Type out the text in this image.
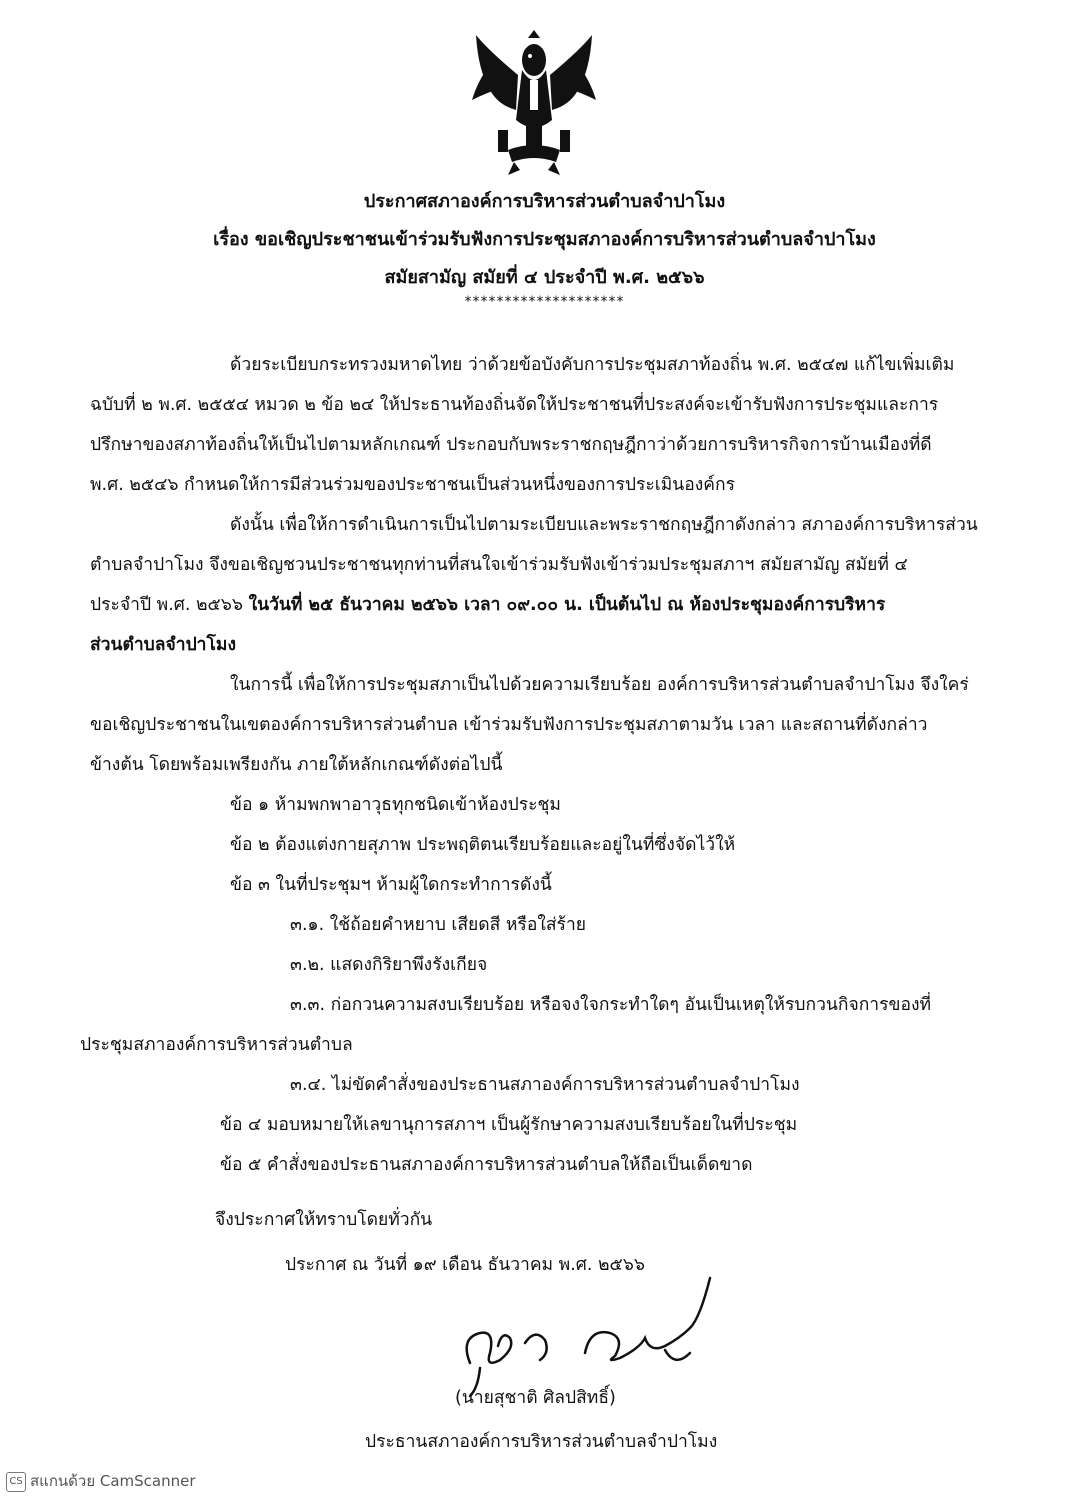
ประกาศสภาองค์การบริหารส่วนตำบลจำปาโมง
เรื่อง ขอเชิญประชาชนเข้าร่วมรับฟังการประชุมสภาองค์การบริหารส่วนตำบลจำปาโมง
สมัยสามัญ สมัยที่ ๔ ประจำปี พ.ศ. ๒๕๖๖
********************
ด้วยระเบียบกระทรวงมหาดไทย ว่าด้วยข้อบังคับการประชุมสภาท้องถิ่น พ.ศ. ๒๕๔๗ แก้ไขเพิ่มเติม
ฉบับที่ ๒ พ.ศ. ๒๕๕๔ หมวด ๒ ข้อ ๒๔ ให้ประธานท้องถิ่นจัดให้ประชาชนที่ประสงค์จะเข้ารับฟังการประชุมและการ
ปรึกษาของสภาท้องถิ่นให้เป็นไปตามหลักเกณฑ์ ประกอบกับพระราชกฤษฎีกาว่าด้วยการบริหารกิจการบ้านเมืองที่ดี
พ.ศ. ๒๕๔๖ กำหนดให้การมีส่วนร่วมของประชาชนเป็นส่วนหนึ่งของการประเมินองค์กร
ดังนั้น เพื่อให้การดำเนินการเป็นไปตามระเบียบและพระราชกฤษฎีกาดังกล่าว สภาองค์การบริหารส่วน
ตำบลจำปาโมง จึงขอเชิญชวนประชาชนทุกท่านที่สนใจเข้าร่วมรับฟังเข้าร่วมประชุมสภาฯ สมัยสามัญ สมัยที่ ๔
ประจำปี พ.ศ. ๒๕๖๖ ในวันที่ ๒๕ ธันวาคม ๒๕๖๖ เวลา ๐๙.๐๐ น. เป็นต้นไป ณ ห้องประชุมองค์การบริหาร
ส่วนตำบลจำปาโมง
ในการนี้ เพื่อให้การประชุมสภาเป็นไปด้วยความเรียบร้อย องค์การบริหารส่วนตำบลจำปาโมง จึงใคร่
ขอเชิญประชาชนในเขตองค์การบริหารส่วนตำบล เข้าร่วมรับฟังการประชุมสภาตามวัน เวลา และสถานที่ดังกล่าว
ข้างต้น โดยพร้อมเพรียงกัน ภายใต้หลักเกณฑ์ดังต่อไปนี้
ข้อ ๑ ห้ามพกพาอาวุธทุกชนิดเข้าห้องประชุม
ข้อ ๒ ต้องแต่งกายสุภาพ ประพฤติตนเรียบร้อยและอยู่ในที่ซึ่งจัดไว้ให้
ข้อ ๓ ในที่ประชุมฯ ห้ามผู้ใดกระทำการดังนี้
๓.๑. ใช้ถ้อยคำหยาบ เสียดสี หรือใส่ร้าย
๓.๒. แสดงกิริยาพึงรังเกียจ
๓.๓. ก่อกวนความสงบเรียบร้อย หรือจงใจกระทำใดๆ อันเป็นเหตุให้รบกวนกิจการของที่
ประชุมสภาองค์การบริหารส่วนตำบล
๓.๔. ไม่ขัดคำสั่งของประธานสภาองค์การบริหารส่วนตำบลจำปาโมง
ข้อ ๔ มอบหมายให้เลขานุการสภาฯ เป็นผู้รักษาความสงบเรียบร้อยในที่ประชุม
ข้อ ๕ คำสั่งของประธานสภาองค์การบริหารส่วนตำบลให้ถือเป็นเด็ดขาด
จึงประกาศให้ทราบโดยทั่วกัน
ประกาศ ณ วันที่ ๑๙ เดือน ธันวาคม พ.ศ. ๒๕๖๖
(นายสุชาติ ศิลปสิทธิ์)
ประธานสภาองค์การบริหารส่วนตำบลจำปาโมง
CS สแกนด้วย CamScanner
